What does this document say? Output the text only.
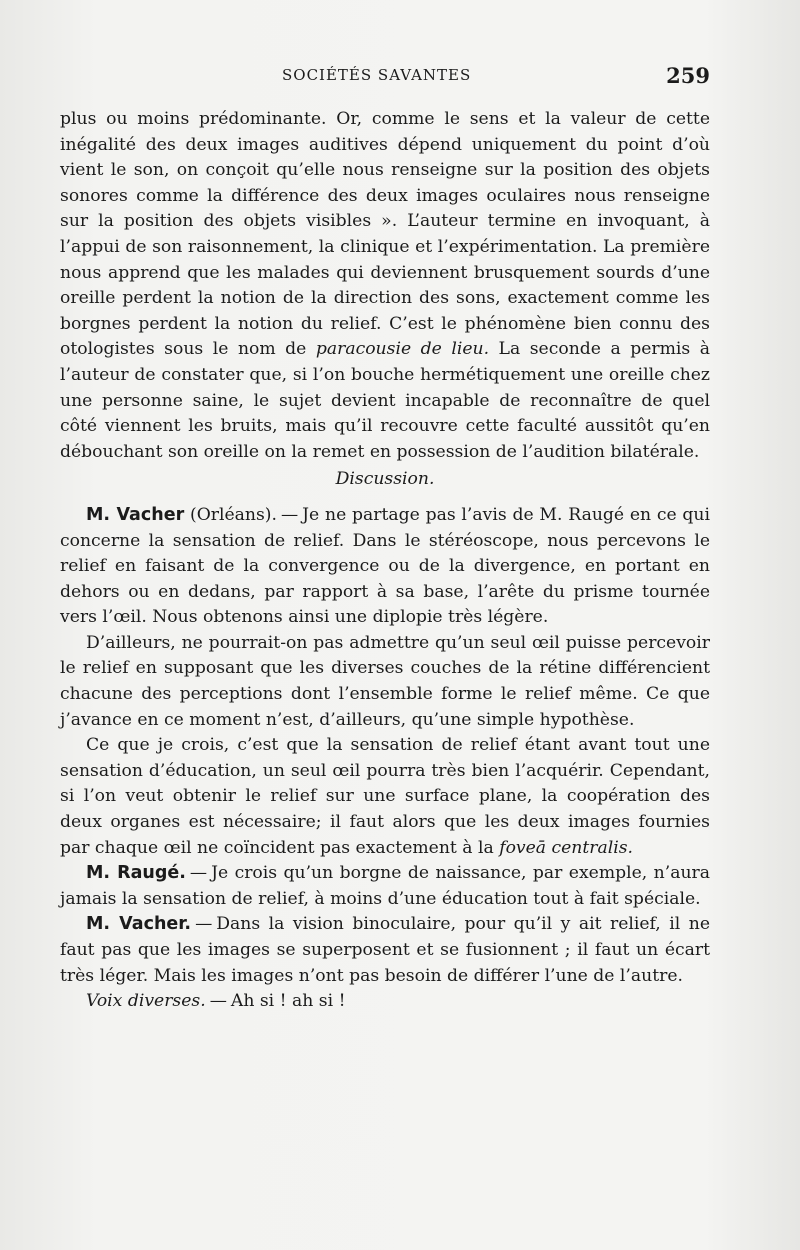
SOCIÉTÉS SAVANTES	259

plus ou moins prédominante. Or, comme le sens et la valeur de cette inégalité des deux images auditives dépend uniquement du point d’où vient le son, on conçoit qu’elle nous renseigne sur la position des objets sonores comme la différence des deux images oculaires nous renseigne sur la position des objets visibles ». L’auteur termine en invoquant, à l’appui de son raisonnement, la clinique et l’expérimentation. La première nous apprend que les malades qui deviennent brusquement sourds d’une oreille perdent la notion de la direction des sons, exactement comme les borgnes perdent la notion du relief. C’est le phénomène bien connu des otologistes sous le nom de paracousie de lieu. La seconde a permis à l’auteur de constater que, si l’on bouche hermétiquement une oreille chez une personne saine, le sujet devient incapable de reconnaître de quel côté viennent les bruits, mais qu’il recouvre cette faculté aussitôt qu’en débouchant son oreille on la remet en possession de l’audition bilatérale.

Discussion.

M. Vacher (Orléans). — Je ne partage pas l’avis de M. Raugé en ce qui concerne la sensation de relief. Dans le stéréoscope, nous percevons le relief en faisant de la convergence ou de la divergence, en portant en dehors ou en dedans, par rapport à sa base, l’arête du prisme tournée vers l’œil. Nous obtenons ainsi une diplopie très légère.

D’ailleurs, ne pourrait-on pas admettre qu’un seul œil puisse percevoir le relief en supposant que les diverses couches de la rétine différencient chacune des perceptions dont l’ensemble forme le relief même. Ce que j’avance en ce moment n’est, d’ailleurs, qu’une simple hypothèse.

Ce que je crois, c’est que la sensation de relief étant avant tout une sensation d’éducation, un seul œil pourra très bien l’acquérir. Cependant, si l’on veut obtenir le relief sur une surface plane, la coopération des deux organes est nécessaire; il faut alors que les deux images fournies par chaque œil ne coïncident pas exactement à la foveā centralis.

M. Raugé. — Je crois qu’un borgne de naissance, par exemple, n’aura jamais la sensation de relief, à moins d’une éducation tout à fait spéciale.

M. Vacher. — Dans la vision binoculaire, pour qu’il y ait relief, il ne faut pas que les images se superposent et se fusionnent ; il faut un écart très léger. Mais les images n’ont pas besoin de différer l’une de l’autre.

Voix diverses. — Ah si ! ah si !
